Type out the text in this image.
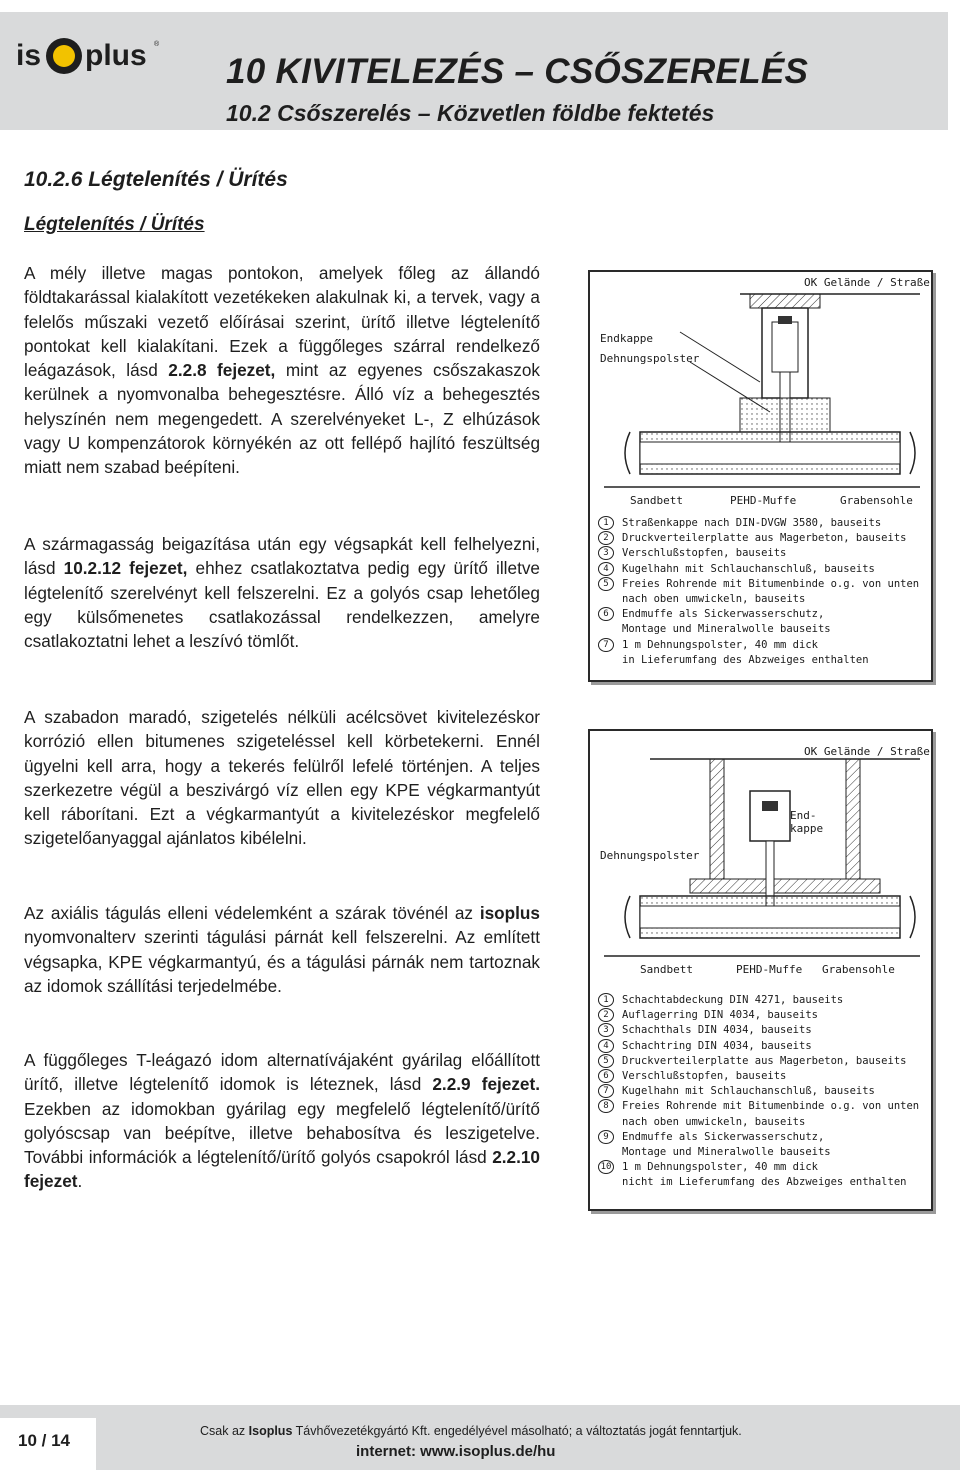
is plus ®
10 KIVITELEZÉS – CSŐSZERELÉS
10.2 Csőszerelés – Közvetlen földbe fektetés
10.2.6 Légtelenítés / Ürítés
Légtelenítés / Ürítés

A mély illetve magas pontokon, amelyek főleg az állandó földtakarással kialakított vezetékeken alakulnak ki, a tervek, vagy a felelős műszaki vezető előírásai szerint, ürítő illetve légtelenítő pontokat kell kialakítani. Ezek a függőleges szárral rendelkező leágazások, lásd 2.2.8 fejezet, mint az egyenes csőszakaszok kerülnek a nyomvonalba behegesztésre. Álló víz a behegesztés helyszínén nem megengedett. A szerelvényeket L-, Z elhúzások vagy U kompenzátorok környékén az ott fellépő hajlító feszültség miatt nem szabad beépíteni.

A szármagasság beigazítása után egy végsapkát kell felhelyezni, lásd 10.2.12 fejezet, ehhez csatlakoztatva pedig egy ürítő illetve légtelenítő szerelvényt kell felszerelni. Ez a golyós csap lehetőleg egy külsőmenetes csatlakozással rendelkezzen, amelyre csatlakoztatni lehet a leszívó tömlőt.

A szabadon maradó, szigetelés nélküli acélcsövet kivitelezéskor korrózió ellen bitumenes szigeteléssel kell körbetekerni. Ennél ügyelni kell arra, hogy a tekerés felülről lefelé történjen. A teljes szerkezetre végül a beszivárgó víz ellen egy KPE végkarmantyút kell ráborítani. Ezt a végkarmantyút a kivitelezéskor megfelelő szigetelőanyaggal ajánlatos kibélelni.

Az axiális tágulás elleni védelemként a szárak tövénél az isoplus nyomvonalterv szerinti tágulási párnát kell felszerelni. Az említett végsapka, KPE végkarmantyú, és a tágulási párnák nem tartoznak az idomok szállítási terjedelmébe.

A függőleges T-leágazó idom alternatívájaként gyárilag előállított ürítő, illetve légtelenítő idomok is léteznek, lásd 2.2.9 fejezet. Ezekben az idomokban gyárilag egy megfelelő légtelenítő/ürítő golyóscsap van beépítve, illetve behabosítva és leszigetelve. További információk a légtelenítő/ürítő golyós csapokról lásd 2.2.10 fejezet.

OK Gelände / Straße
Endkappe
Dehnungspolster
Sandbett	PEHD-Muffe	Grabensohle
1	Straßenkappe nach DIN-DVGW 3580, bauseits
2	Druckverteilerplatte aus Magerbeton, bauseits
3	Verschlußstopfen, bauseits
4	Kugelhahn mit Schlauchanschluß, bauseits
5	Freies Rohrende mit Bitumenbinde o.g. von unten
nach oben umwickeln, bauseits
6	Endmuffe als Sickerwasserschutz,
Montage und Mineralwolle bauseits
7	1 m Dehnungspolster, 40 mm dick
in Lieferumfang des Abzweiges enthalten
OK Gelände / Straße
End-
kappe
Dehnungspolster
Sandbett	PEHD-Muffe Grabensohle
1	Schachtabdeckung DIN 4271, bauseits
2	Auflagerring DIN 4034, bauseits
3	Schachthals DIN 4034, bauseits
4	Schachtring DIN 4034, bauseits
5	Druckverteilerplatte aus Magerbeton, bauseits
6	Verschlußstopfen, bauseits
7	Kugelhahn mit Schlauchanschluß, bauseits
8	Freies Rohrende mit Bitumenbinde o.g. von unten
nach oben umwickeln, bauseits
9	Endmuffe als Sickerwasserschutz,
Montage und Mineralwolle bauseits
10 1 m Dehnungspolster, 40 mm dick
nicht im Lieferumfang des Abzweiges enthalten
10 / 14	Csak az Isoplus Távhővezetékgyártó Kft. engedélyével másolható; a változtatás jogát fenntartjuk.
internet: www.isoplus.de/hu
